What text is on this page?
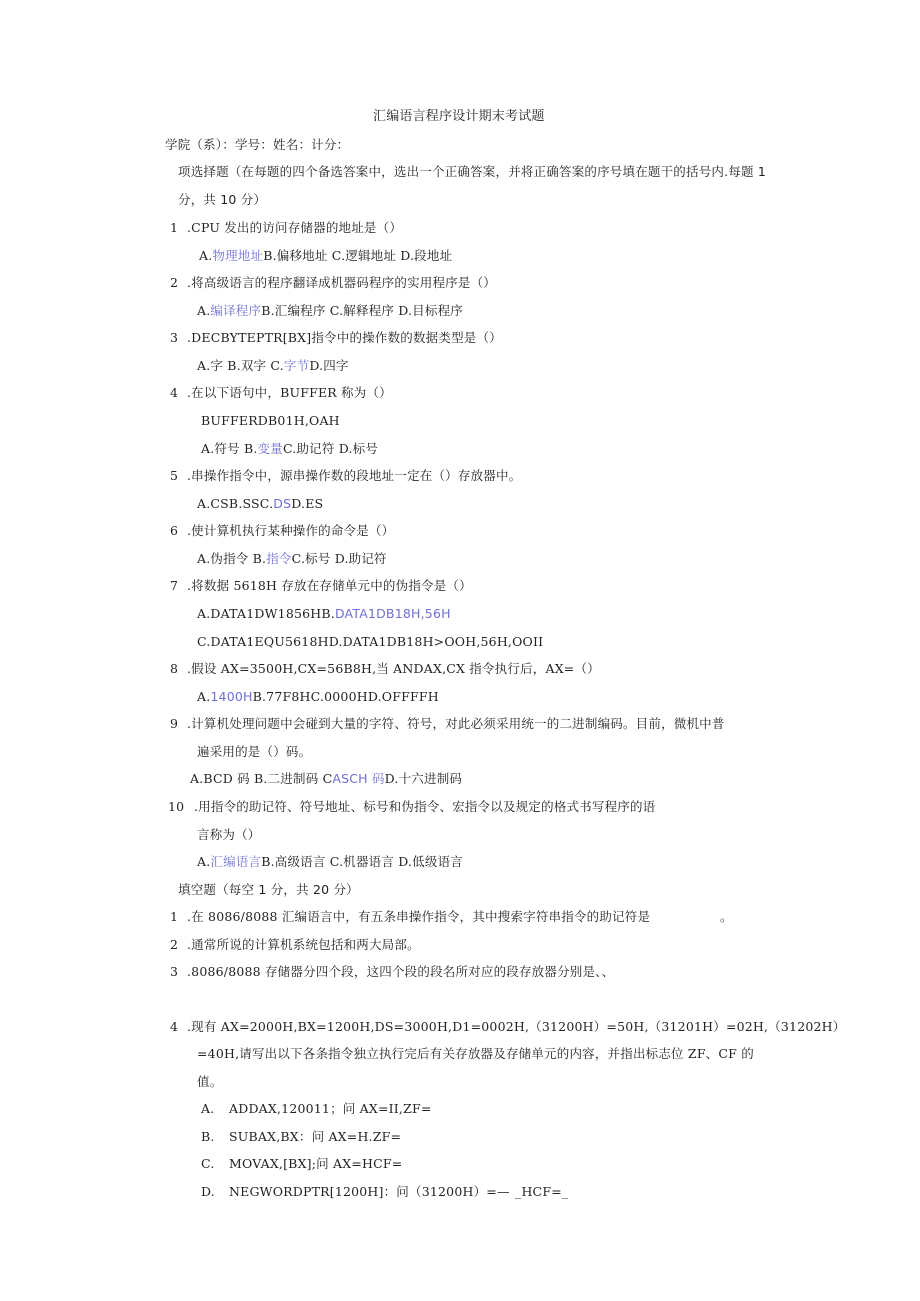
汇编语言程序设计期末考试题
学院（系）：学号：姓名：计分：
项选择题（在每题的四个备选答案中，选出一个正确答案，并将正确答案的序号填在题干的括号内.每题 1
分，共 10 分）
1 .CPU 发出的访问存储器的地址是（）
A.物理地址B.偏移地址 C.逻辑地址 D.段地址
2 .将高级语言的程序翻译成机器码程序的实用程序是（）
A.编译程序B.汇编程序 C.解释程序 D.目标程序
3 .DECBYTEPTR[BX]指令中的操作数的数据类型是（）
A.字 B.双字 C.字节D.四字
4 .在以下语句中，BUFFER 称为（）
BUFFERDB01H,OAH
A.符号 B.变量C.助记符 D.标号
5 .串操作指令中，源串操作数的段地址一定在（）存放器中。
A.CSB.SSC.DSD.ES
6 .使计算机执行某种操作的命令是（）
A.伪指令 B.指令C.标号 D.助记符
7 .将数据 5618H 存放在存储单元中的伪指令是（）
A.DATA1DW1856HB.DATA1DB18H,56H
C.DATA1EQU5618HD.DATA1DB18H>OOH,56H,OOII
8 .假设 AX=3500H,CX=56B8H,当 ANDAX,CX 指令执行后，AX=（）
A.1400HB.77F8HC.0000HD.OFFFFH
9 .计算机处理问题中会碰到大量的字符、符号，对此必须采用统一的二进制编码。目前，微机中普
遍采用的是（）码。
A.BCD 码 B.二进制码 CASCH 码D.十六进制码
10 .用指令的助记符、符号地址、标号和伪指令、宏指令以及规定的格式书写程序的语
言称为（）
A.汇编语言B.高级语言 C.机器语言 D.低级语言
填空题（每空 1 分，共 20 分）
1 .在 8086/8088 汇编语言中，有五条串操作指令，其中搜索字符串指令的助记符是	。
2 .通常所说的计算机系统包括和两大局部。
3 .8086/8088 存储器分四个段，这四个段的段名所对应的段存放器分别是、、
4 .现有 AX=2000H,BX=1200H,DS=3000H,D1=0002H,（31200H）=50H,（31201H）=02H,（31202H）
=40H,请写出以下各条指令独立执行完后有关存放器及存储单元的内容，并指出标志位 ZF、CF 的
值。
A. ADDAX,120011；问 AX=II,ZF=
B. SUBAX,BX：问 AX=H.ZF=
C. MOVAX,[BX];问 AX=HCF=
D. NEGWORDPTR[1200H]：问（31200H）=— _HCF=_
